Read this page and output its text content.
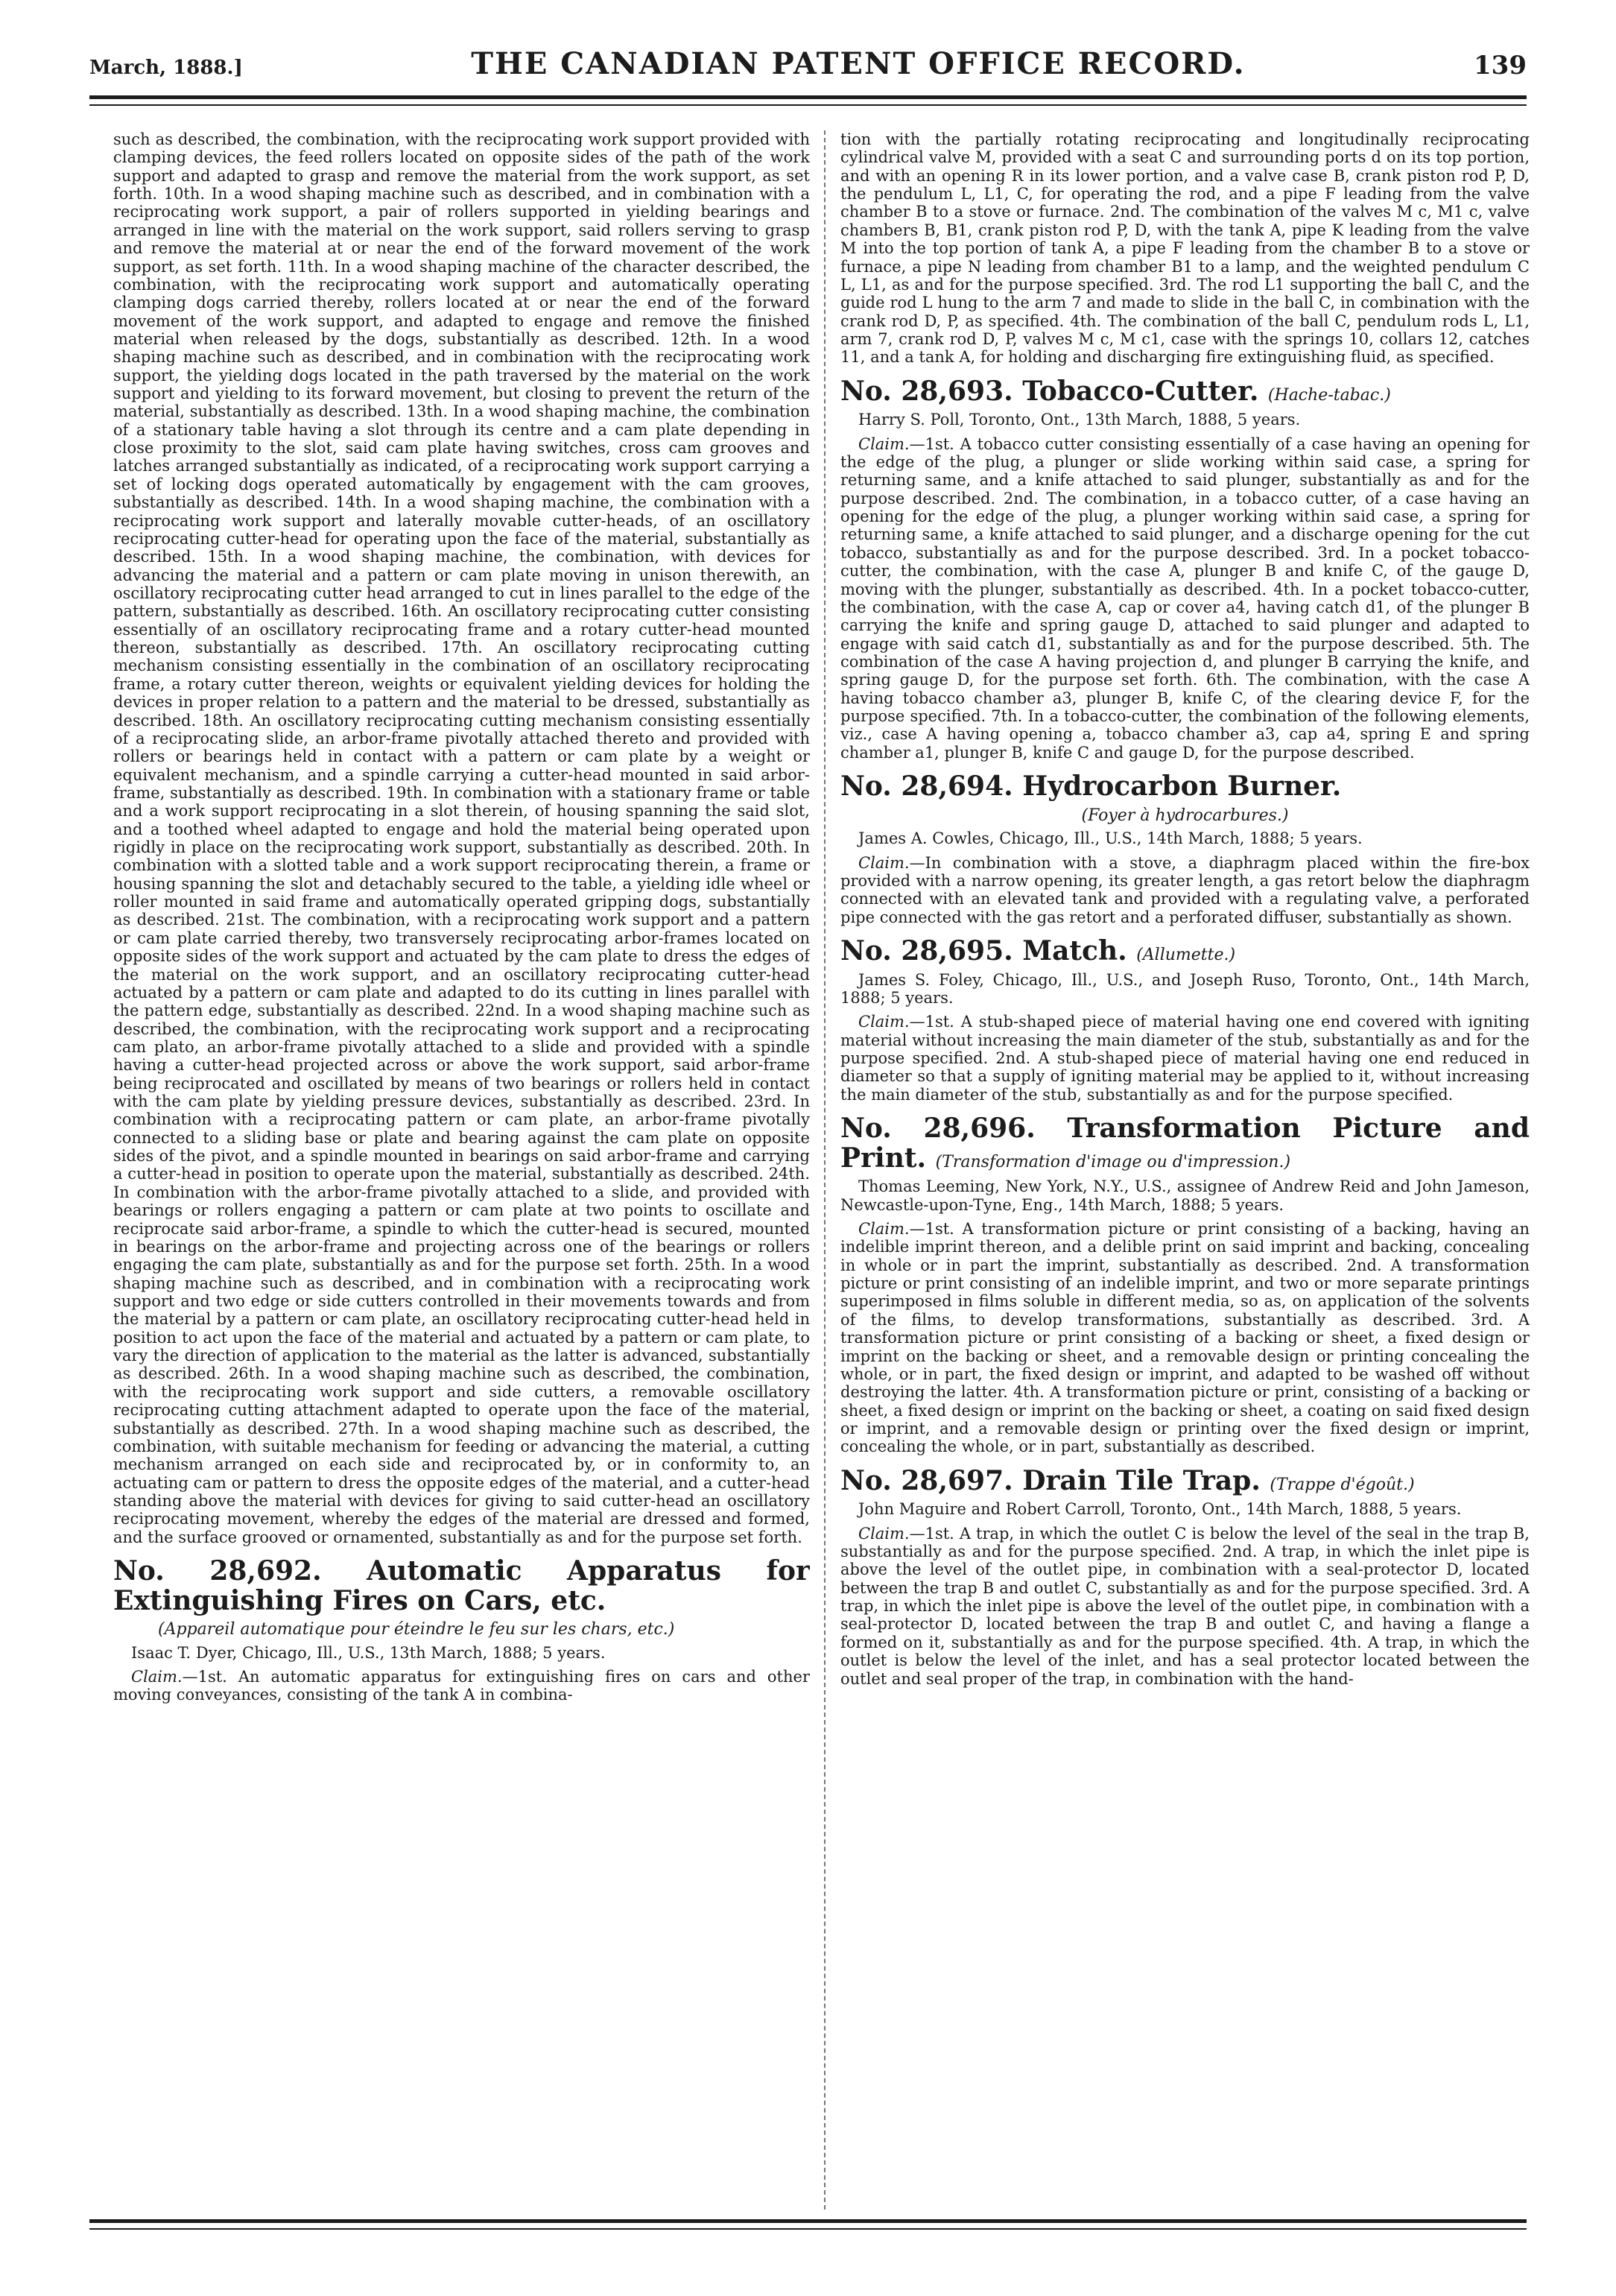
March, 1888.]	THE CANADIAN PATENT OFFICE RECORD.	139

such as described, the combination, with the reciprocating work support provided with clamping devices, the feed rollers located on opposite sides of the path of the work support and adapted to grasp and remove the material from the work support, as set forth. 10th. In a wood shaping machine such as described, and in combination with a reciprocating work support, a pair of rollers supported in yielding bearings and arranged in line with the material on the work support, said rollers serving to grasp and remove the material at or near the end of the forward movement of the work support, as set forth. 11th. In a wood shaping machine of the character described, the combination, with the reciprocating work support and automatically operating clamping dogs carried thereby, rollers located at or near the end of the forward movement of the work support, and adapted to engage and remove the finished material when released by the dogs, substantially as described. 12th. In a wood shaping machine such as described, and in combination with the reciprocating work support, the yielding dogs located in the path traversed by the material on the work support and yielding to its forward movement, but closing to prevent the return of the material, substantially as described. 13th. In a wood shaping machine, the combination of a stationary table having a slot through its centre and a cam plate depending in close proximity to the slot, said cam plate having switches, cross cam grooves and latches arranged substantially as indicated, of a reciprocating work support carrying a set of locking dogs operated automatically by engagement with the cam grooves, substantially as described. 14th. In a wood shaping machine, the combination with a reciprocating work support and laterally movable cutter-heads, of an oscillatory reciprocating cutter-head for operating upon the face of the material, substantially as described. 15th. In a wood shaping machine, the combination, with devices for advancing the material and a pattern or cam plate moving in unison therewith, an oscillatory reciprocating cutter head arranged to cut in lines parallel to the edge of the pattern, substantially as described. 16th. An oscillatory reciprocating cutter consisting essentially of an oscillatory reciprocating frame and a rotary cutter-head mounted thereon, substantially as described. 17th. An oscillatory reciprocating cutting mechanism consisting essentially in the combination of an oscillatory reciprocating frame, a rotary cutter thereon, weights or equivalent yielding devices for holding the devices in proper relation to a pattern and the material to be dressed, substantially as described. 18th. An oscillatory reciprocating cutting mechanism consisting essentially of a reciprocating slide, an arbor-frame pivotally attached thereto and provided with rollers or bearings held in contact with a pattern or cam plate by a weight or equivalent mechanism, and a spindle carrying a cutter-head mounted in said arbor-frame, substantially as described. 19th. In combination with a stationary frame or table and a work support reciprocating in a slot therein, of housing spanning the said slot, and a toothed wheel adapted to engage and hold the material being operated upon rigidly in place on the reciprocating work support, substantially as described. 20th. In combination with a slotted table and a work support reciprocating therein, a frame or housing spanning the slot and detachably secured to the table, a yielding idle wheel or roller mounted in said frame and automatically operated gripping dogs, substantially as described. 21st. The combination, with a reciprocating work support and a pattern or cam plate carried thereby, two transversely reciprocating arbor-frames located on opposite sides of the work support and actuated by the cam plate to dress the edges of the material on the work support, and an oscillatory reciprocating cutter-head actuated by a pattern or cam plate and adapted to do its cutting in lines parallel with the pattern edge, substantially as described. 22nd. In a wood shaping machine such as described, the combination, with the reciprocating work support and a reciprocating cam plato, an arbor-frame pivotally attached to a slide and provided with a spindle having a cutter-head projected across or above the work support, said arbor-frame being reciprocated and oscillated by means of two bearings or rollers held in contact with the cam plate by yielding pressure devices, substantially as described. 23rd. In combination with a reciprocating pattern or cam plate, an arbor-frame pivotally connected to a sliding base or plate and bearing against the cam plate on opposite sides of the pivot, and a spindle mounted in bearings on said arbor-frame and carrying a cutter-head in position to operate upon the material, substantially as described. 24th. In combination with the arbor-frame pivotally attached to a slide, and provided with bearings or rollers engaging a pattern or cam plate at two points to oscillate and reciprocate said arbor-frame, a spindle to which the cutter-head is secured, mounted in bearings on the arbor-frame and projecting across one of the bearings or rollers engaging the cam plate, substantially as and for the purpose set forth. 25th. In a wood shaping machine such as described, and in combination with a reciprocating work support and two edge or side cutters controlled in their movements towards and from the material by a pattern or cam plate, an oscillatory reciprocating cutter-head held in position to act upon the face of the material and actuated by a pattern or cam plate, to vary the direction of application to the material as the latter is advanced, substantially as described. 26th. In a wood shaping machine such as described, the combination, with the reciprocating work support and side cutters, a removable oscillatory reciprocating cutting attachment adapted to operate upon the face of the material, substantially as described. 27th. In a wood shaping machine such as described, the combination, with suitable mechanism for feeding or advancing the material, a cutting mechanism arranged on each side and reciprocated by, or in conformity to, an actuating cam or pattern to dress the opposite edges of the material, and a cutter-head standing above the material with devices for giving to said cutter-head an oscillatory reciprocating movement, whereby the edges of the material are dressed and formed, and the surface grooved or ornamented, substantially as and for the purpose set forth.

No. 28,692. Automatic Apparatus for Extinguishing Fires on Cars, etc.
(Appareil automatique pour éteindre le feu sur les chars, etc.)

Isaac T. Dyer, Chicago, Ill., U.S., 13th March, 1888; 5 years.

Claim.—1st. An automatic apparatus for extinguishing fires on cars and other moving conveyances, consisting of the tank A in combina-

tion with the partially rotating reciprocating and longitudinally reciprocating cylindrical valve M, provided with a seat C and surrounding ports d on its top portion, and with an opening R in its lower portion, and a valve case B, crank piston rod P, D, the pendulum L, L1, C, for operating the rod, and a pipe F leading from the valve chamber B to a stove or furnace. 2nd. The combination of the valves M c, M1 c, valve chambers B, B1, crank piston rod P, D, with the tank A, pipe K leading from the valve M into the top portion of tank A, a pipe F leading from the chamber B to a stove or furnace, a pipe N leading from chamber B1 to a lamp, and the weighted pendulum C L, L1, as and for the purpose specified. 3rd. The rod L1 supporting the ball C, and the guide rod L hung to the arm 7 and made to slide in the ball C, in combination with the crank rod D, P, as specified. 4th. The combination of the ball C, pendulum rods L, L1, arm 7, crank rod D, P, valves M c, M c1, case with the springs 10, collars 12, catches 11, and a tank A, for holding and discharging fire extinguishing fluid, as specified.

No. 28,693. Tobacco-Cutter. (Hache-tabac.)

Harry S. Poll, Toronto, Ont., 13th March, 1888, 5 years.

Claim.—1st. A tobacco cutter consisting essentially of a case having an opening for the edge of the plug, a plunger or slide working within said case, a spring for returning same, and a knife attached to said plunger, substantially as and for the purpose described. 2nd. The combination, in a tobacco cutter, of a case having an opening for the edge of the plug, a plunger working within said case, a spring for returning same, a knife attached to said plunger, and a discharge opening for the cut tobacco, substantially as and for the purpose described. 3rd. In a pocket tobacco-cutter, the combination, with the case A, plunger B and knife C, of the gauge D, moving with the plunger, substantially as described. 4th. In a pocket tobacco-cutter, the combination, with the case A, cap or cover a4, having catch d1, of the plunger B carrying the knife and spring gauge D, attached to said plunger and adapted to engage with said catch d1, substantially as and for the purpose described. 5th. The combination of the case A having projection d, and plunger B carrying the knife, and spring gauge D, for the purpose set forth. 6th. The combination, with the case A having tobacco chamber a3, plunger B, knife C, of the clearing device F, for the purpose specified. 7th. In a tobacco-cutter, the combination of the following elements, viz., case A having opening a, tobacco chamber a3, cap a4, spring E and spring chamber a1, plunger B, knife C and gauge D, for the purpose described.

No. 28,694. Hydrocarbon Burner.
(Foyer à hydrocarbures.)

James A. Cowles, Chicago, Ill., U.S., 14th March, 1888; 5 years.

Claim.—In combination with a stove, a diaphragm placed within the fire-box provided with a narrow opening, its greater length, a gas retort below the diaphragm connected with an elevated tank and provided with a regulating valve, a perforated pipe connected with the gas retort and a perforated diffuser, substantially as shown.

No. 28,695. Match. (Allumette.)

James S. Foley, Chicago, Ill., U.S., and Joseph Ruso, Toronto, Ont., 14th March, 1888; 5 years.

Claim.—1st. A stub-shaped piece of material having one end covered with igniting material without increasing the main diameter of the stub, substantially as and for the purpose specified. 2nd. A stub-shaped piece of material having one end reduced in diameter so that a supply of igniting material may be applied to it, without increasing the main diameter of the stub, substantially as and for the purpose specified.

No. 28,696. Transformation Picture and Print. (Transformation d'image ou d'impression.)

Thomas Leeming, New York, N.Y., U.S., assignee of Andrew Reid and John Jameson, Newcastle-upon-Tyne, Eng., 14th March, 1888; 5 years.

Claim.—1st. A transformation picture or print consisting of a backing, having an indelible imprint thereon, and a delible print on said imprint and backing, concealing in whole or in part the imprint, substantially as described. 2nd. A transformation picture or print consisting of an indelible imprint, and two or more separate printings superimposed in films soluble in different media, so as, on application of the solvents of the films, to develop transformations, substantially as described. 3rd. A transformation picture or print consisting of a backing or sheet, a fixed design or imprint on the backing or sheet, and a removable design or printing concealing the whole, or in part, the fixed design or imprint, and adapted to be washed off without destroying the latter. 4th. A transformation picture or print, consisting of a backing or sheet, a fixed design or imprint on the backing or sheet, a coating on said fixed design or imprint, and a removable design or printing over the fixed design or imprint, concealing the whole, or in part, substantially as described.

No. 28,697. Drain Tile Trap. (Trappe d'égoût.)

John Maguire and Robert Carroll, Toronto, Ont., 14th March, 1888, 5 years.

Claim.—1st. A trap, in which the outlet C is below the level of the seal in the trap B, substantially as and for the purpose specified. 2nd. A trap, in which the inlet pipe is above the level of the outlet pipe, in combination with a seal-protector D, located between the trap B and outlet C, substantially as and for the purpose specified. 3rd. A trap, in which the inlet pipe is above the level of the outlet pipe, in combination with a seal-protector D, located between the trap B and outlet C, and having a flange a formed on it, substantially as and for the purpose specified. 4th. A trap, in which the outlet is below the level of the inlet, and has a seal protector located between the outlet and seal proper of the trap, in combination with the hand-
